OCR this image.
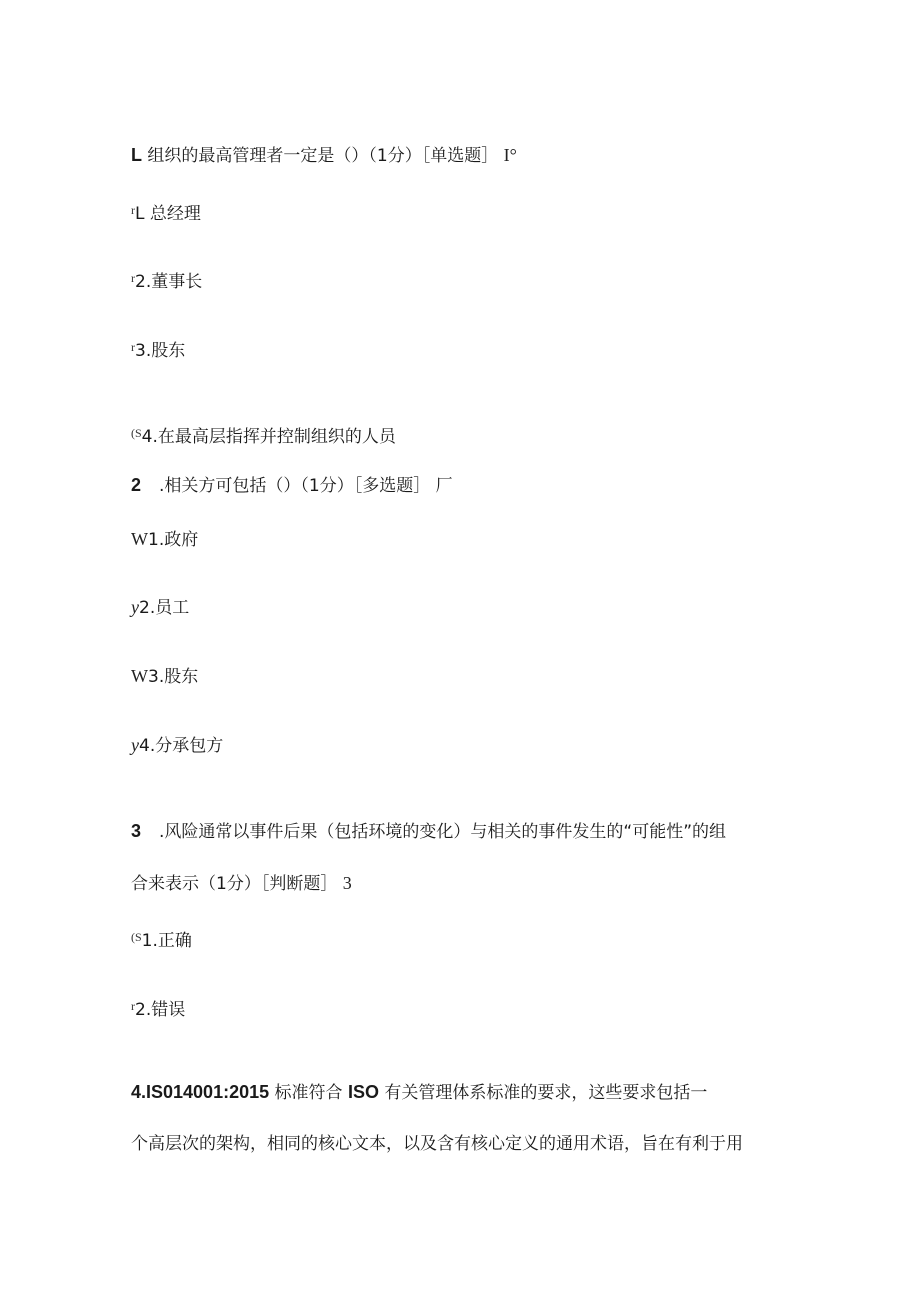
L 组织的最高管理者一定是（）（1分）［单选题］ I°
$^r$L 总经理
$^r$2.董事长
$^r$3.股东
$^{(S}$4.在最高层指挥并控制组织的人员
2 .相关方可包括（）（1分）［多选题］ 厂
W1.政府
y2.员工
W3.股东
y4.分承包方
3 .风险通常以事件后果（包括环境的变化）与相关的事件发生的“可能性”的组
合来表示（1分）［判断题］ 3
$^{(S}$1.正确
$^r$2.错误
4.IS014001:2015 标准符合 ISO 有关管理体系标准的要求，这些要求包括一
个高层次的架构，相同的核心文本，以及含有核心定义的通用术语，旨在有利于用
